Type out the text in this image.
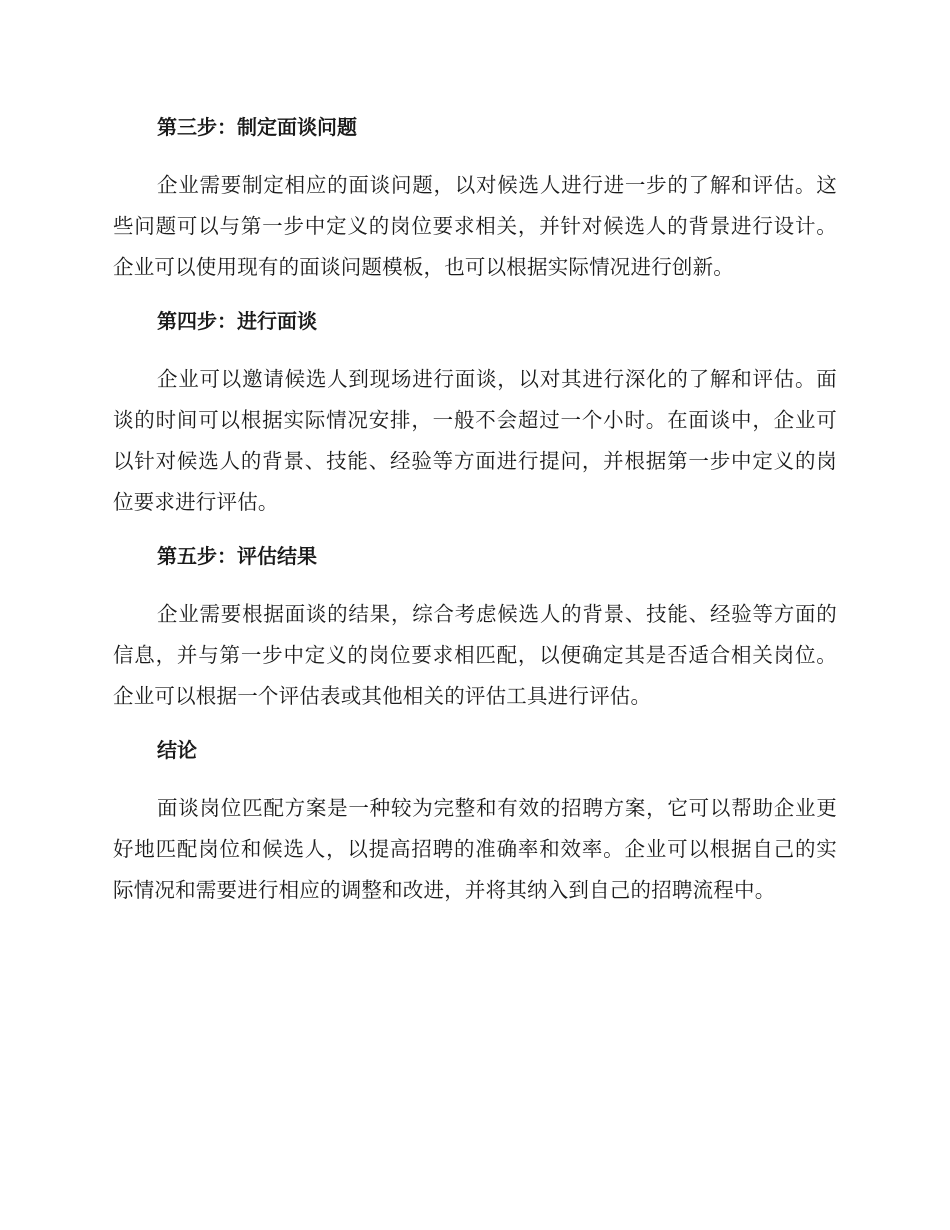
第三步：制定面谈问题

企业需要制定相应的面谈问题，以对候选人进行进一步的了解和评估。这些问题可以与第一步中定义的岗位要求相关，并针对候选人的背景进行设计。企业可以使用现有的面谈问题模板，也可以根据实际情况进行创新。

第四步：进行面谈

企业可以邀请候选人到现场进行面谈，以对其进行深化的了解和评估。面谈的时间可以根据实际情况安排，一般不会超过一个小时。在面谈中，企业可以针对候选人的背景、技能、经验等方面进行提问，并根据第一步中定义的岗位要求进行评估。

第五步：评估结果

企业需要根据面谈的结果，综合考虑候选人的背景、技能、经验等方面的信息，并与第一步中定义的岗位要求相匹配，以便确定其是否适合相关岗位。企业可以根据一个评估表或其他相关的评估工具进行评估。

结论

面谈岗位匹配方案是一种较为完整和有效的招聘方案，它可以帮助企业更好地匹配岗位和候选人，以提高招聘的准确率和效率。企业可以根据自己的实际情况和需要进行相应的调整和改进，并将其纳入到自己的招聘流程中。
